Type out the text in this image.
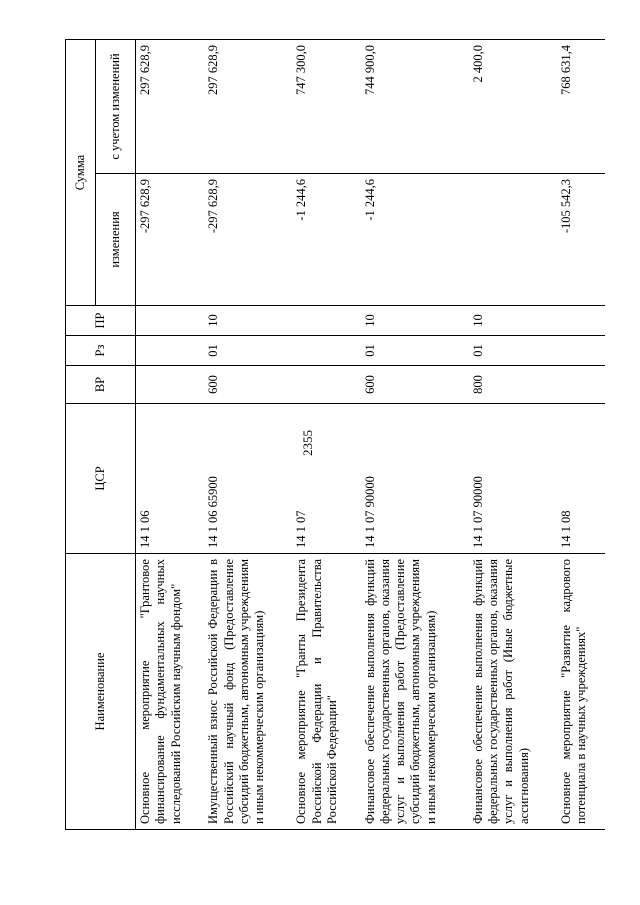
2355
Наименование	ЦСР	ВР	Рз	ПР	Сумма	
					изменения	с учетом изменений
Основное мероприятие "Грантовое финансирование фундаментальных научных исследований Российским научным фондом"	14 1 06				-297 628,9	297 628,9
Имущественный взнос Российской Федерации в Российский научный фонд (Предоставление субсидий бюджетным, автономным учреждениям и иным некоммерческим организациям)	14 1 06 65900	600	01	10	-297 628,9	297 628,9
Основное мероприятие "Гранты Президента Российской Федерации и Правительства Российской Федерации"	14 1 07				-1 244,6	747 300,0
Финансовое обеспечение выполнения функций федеральных государственных органов, оказания услуг и выполнения работ (Предоставление субсидий бюджетным, автономным учреждениям и иным некоммерческим организациям)	14 1 07 90000	600	01	10	-1 244,6	744 900,0
Финансовое обеспечение выполнения функций федеральных государственных органов, оказания услуг и выполнения работ (Иные бюджетные ассигнования)	14 1 07 90000	800	01	10		2 400,0
Основное мероприятие "Развитие кадрового потенциала в научных учреждениях"	14 1 08				-105 542,3	768 631,4
